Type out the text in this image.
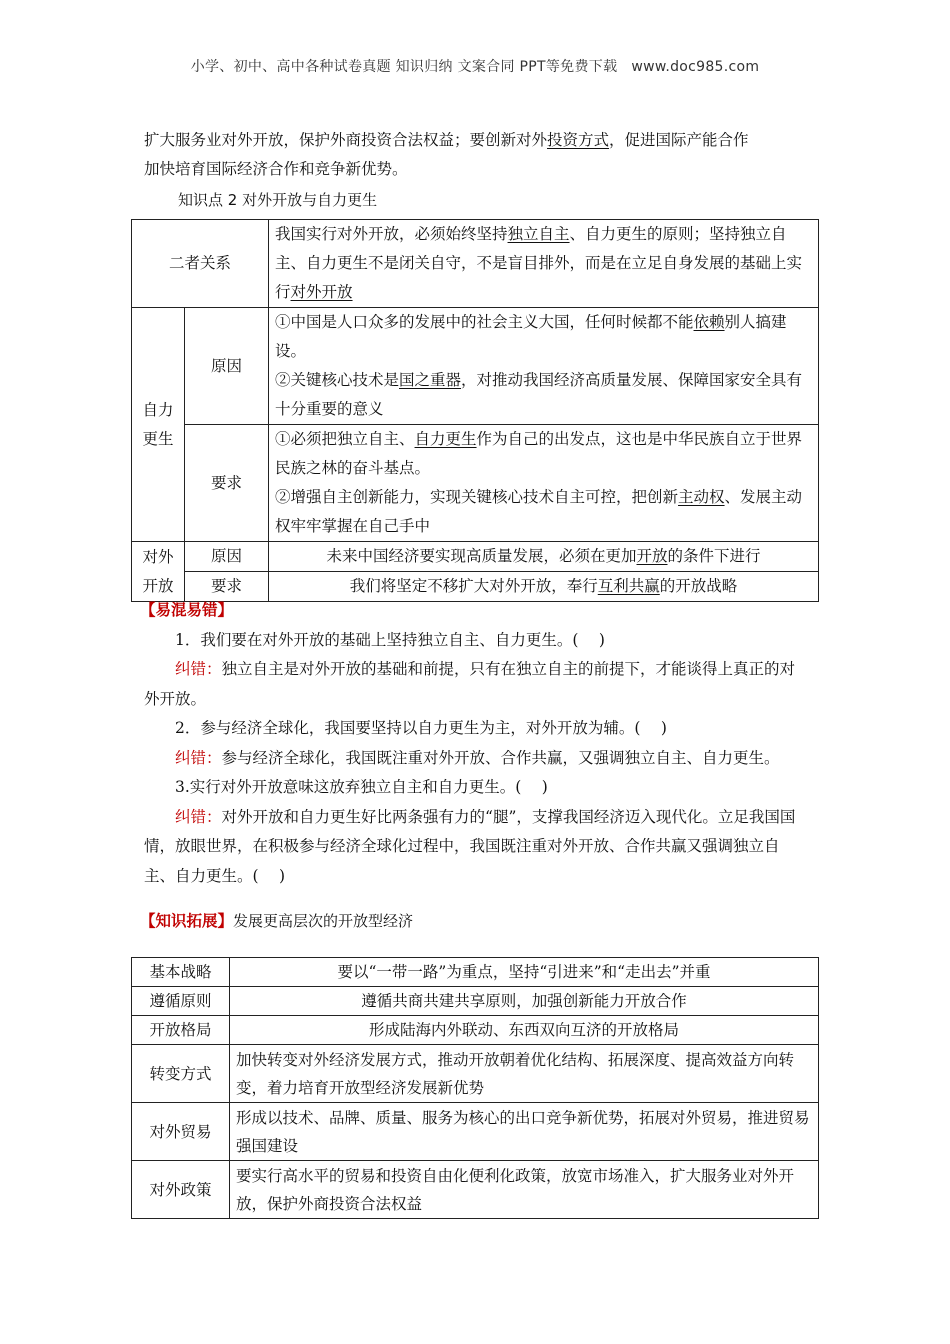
小学、初中、高中各种试卷真题 知识归纳 文案合同 PPT等免费下载 www.doc985.com

扩大服务业对外开放，保护外商投资合法权益；要创新对外投资方式，促进国际产能合作

加快培育国际经济合作和竞争新优势。

知识点 2 对外开放与自力更生

二者关系		我国实行对外开放，必须始终坚持独立自主、自力更生的原则；坚持独立自主、自力更生不是闭关自守，不是盲目排外，而是在立足自身发展的基础上实行对外开放
自力
更生	原因	①中国是人口众多的发展中的社会主义大国，任何时候都不能依赖别人搞建设。
②关键核心技术是国之重器，对推动我国经济高质量发展、保障国家安全具有十分重要的意义
	要求	①必须把独立自主、自力更生作为自己的出发点，这也是中华民族自立于世界民族之林的奋斗基点。
②增强自主创新能力，实现关键核心技术自主可控，把创新主动权、发展主动权牢牢掌握在自己手中
对外
开放	原因	未来中国经济要实现高质量发展，必须在更加开放的条件下进行
	要求	我们将坚定不移扩大对外开放，奉行互利共赢的开放战略

【易混易错】

1．我们要在对外开放的基础上坚持独立自主、自力更生。(　 )

纠错：独立自主是对外开放的基础和前提，只有在独立自主的前提下，才能谈得上真正的对外开放。

2．参与经济全球化，我国要坚持以自力更生为主，对外开放为辅。(　 )

纠错：参与经济全球化，我国既注重对外开放、合作共赢，又强调独立自主、自力更生。

3.实行对外开放意味这放弃独立自主和自力更生。(　 )

纠错：对外开放和自力更生好比两条强有力的“腿”，支撑我国经济迈入现代化。立足我国国情，放眼世界，在积极参与经济全球化过程中，我国既注重对外开放、合作共赢又强调独立自主、自力更生。(　 )

【知识拓展】发展更高层次的开放型经济

基本战略	要以“一带一路”为重点，坚持“引进来”和“走出去”并重
遵循原则	遵循共商共建共享原则，加强创新能力开放合作
开放格局	形成陆海内外联动、东西双向互济的开放格局
转变方式	加快转变对外经济发展方式，推动开放朝着优化结构、拓展深度、提高效益方向转变，着力培育开放型经济发展新优势
对外贸易	形成以技术、品牌、质量、服务为核心的出口竞争新优势，拓展对外贸易，推进贸易强国建设
对外政策	要实行高水平的贸易和投资自由化便利化政策，放宽市场准入，扩大服务业对外开放，保护外商投资合法权益
